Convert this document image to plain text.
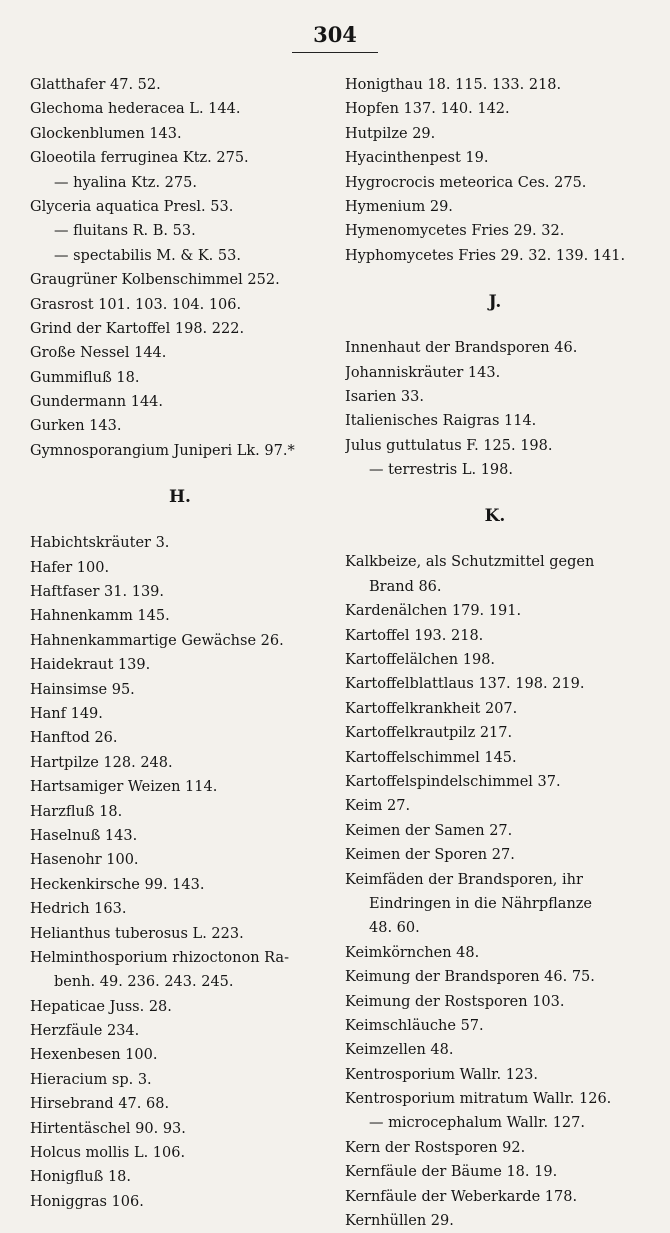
304
Glatthafer 47. 52.
Glechoma hederacea L. 144.
Glockenblumen 143.
Gloeotila ferruginea Ktz. 275.
— hyalina Ktz. 275.
Glyceria aquatica Presl. 53.
— fluitans R. B. 53.
— spectabilis M. & K. 53.
Graugrüner Kolbenschimmel 252.
Grasrost 101. 103. 104. 106.
Grind der Kartoffel 198. 222.
Große Nessel 144.
Gummifluß 18.
Gundermann 144.
Gurken 143.
Gymnosporangium Juniperi Lk. 97.*
H.
Habichtskräuter 3.
Hafer 100.
Haftfaser 31. 139.
Hahnenkamm 145.
Hahnenkammartige Gewächse 26.
Haidekraut 139.
Hainsimse 95.
Hanf 149.
Hanftod 26.
Hartpilze 128. 248.
Hartsamiger Weizen 114.
Harzfluß 18.
Haselnuß 143.
Hasenohr 100.
Heckenkirsche 99. 143.
Hedrich 163.
Helianthus tuberosus L. 223.
Helminthosporium rhizoctonon Ra-
benh. 49. 236. 243. 245.
Hepaticae Juss. 28.
Herzfäule 234.
Hexenbesen 100.
Hieracium sp. 3.
Hirsebrand 47. 68.
Hirtentäschel 90. 93.
Holcus mollis L. 106.
Honigfluß 18.
Honiggras 106.
Honigthau 18. 115. 133. 218.
Hopfen 137. 140. 142.
Hutpilze 29.
Hyacinthenpest 19.
Hygrocrocis meteorica Ces. 275.
Hymenium 29.
Hymenomycetes Fries 29. 32.
Hyphomycetes Fries 29. 32. 139. 141.
J.
Innenhaut der Brandsporen 46.
Johanniskräuter 143.
Isarien 33.
Italienisches Raigras 114.
Julus guttulatus F. 125. 198.
— terrestris L. 198.
K.
Kalkbeize, als Schutzmittel gegen
Brand 86.
Kardenälchen 179. 191.
Kartoffel 193. 218.
Kartoffelälchen 198.
Kartoffelblattlaus 137. 198. 219.
Kartoffelkrankheit 207.
Kartoffelkrautpilz 217.
Kartoffelschimmel 145.
Kartoffelspindelschimmel 37.
Keim 27.
Keimen der Samen 27.
Keimen der Sporen 27.
Keimfäden der Brandsporen, ihr
Eindringen in die Nährpflanze
48. 60.
Keimkörnchen 48.
Keimung der Brandsporen 46. 75.
Keimung der Rostsporen 103.
Keimschläuche 57.
Keimzellen 48.
Kentrosporium Wallr. 123.
Kentrosporium mitratum Wallr. 126.
— microcephalum Wallr. 127.
Kern der Rostsporen 92.
Kernfäule der Bäume 18. 19.
Kernfäule der Weberkarde 178.
Kernhüllen 29.
